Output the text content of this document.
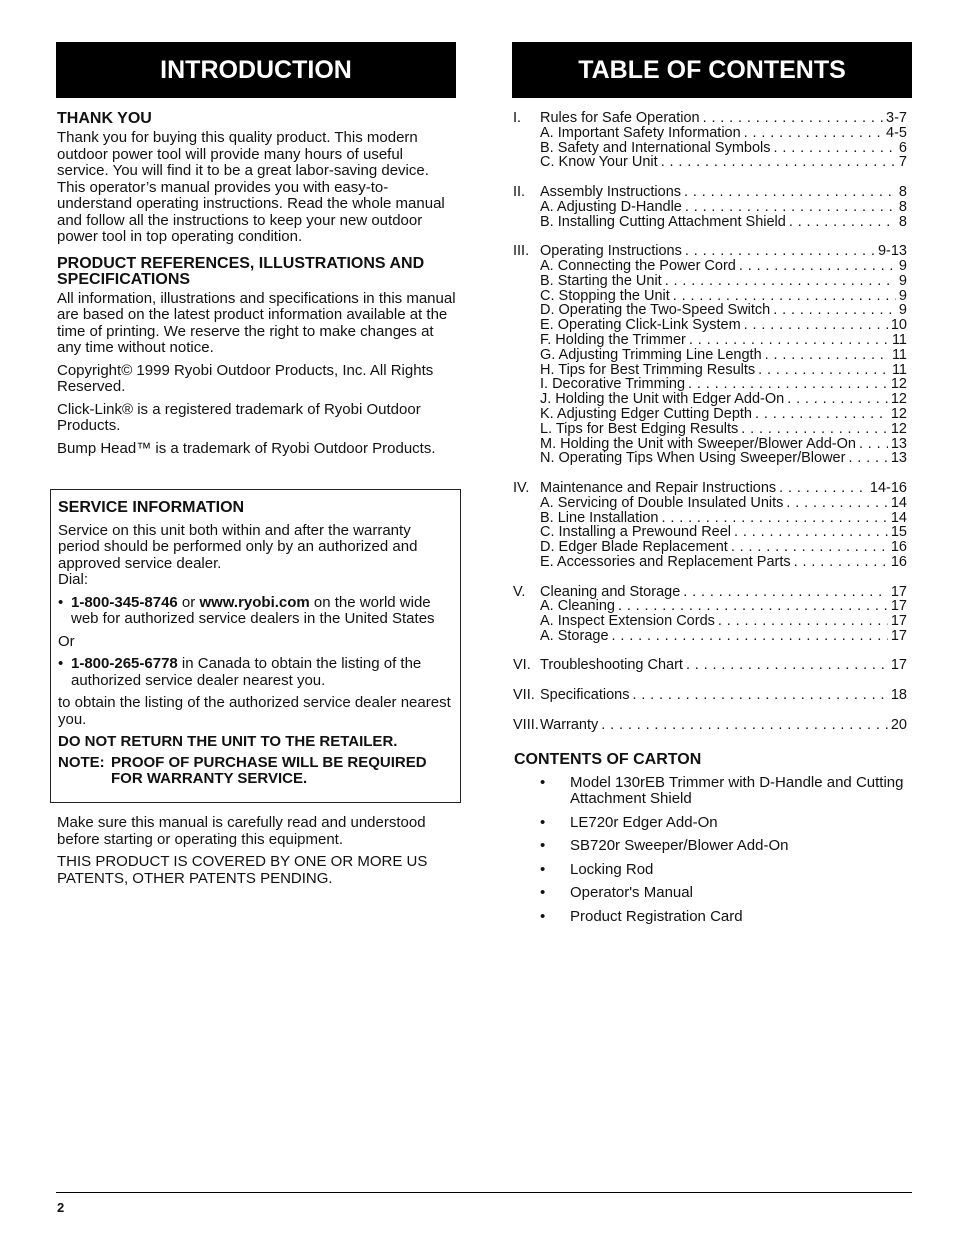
INTRODUCTION	TABLE OF CONTENTS
THANK YOU

Thank you for buying this quality product. This modern outdoor power tool will provide many hours of useful service. You will find it to be a great labor-saving device. This operator’s manual provides you with easy-to-understand operating instructions. Read the whole manual and follow all the instructions to keep your new outdoor power tool in top operating condition.

PRODUCT REFERENCES, ILLUSTRATIONS AND SPECIFICATIONS

All information, illustrations and specifications in this manual are based on the latest product information available at the time of printing. We reserve the right to make changes at any time without notice.

Copyright© 1999 Ryobi Outdoor Products, Inc. All Rights Reserved.

Click-Link® is a registered trademark of Ryobi Outdoor Products.

Bump Head™ is a trademark of Ryobi Outdoor Products.

SERVICE INFORMATION

Service on this unit both within and after the warranty period should be performed only by an authorized and approved service dealer.

Dial:

• 1-800-345-8746 or www.ryobi.com on the world wide web for authorized service dealers in the United States

Or

• 1-800-265-6778 in Canada to obtain the listing of the authorized service dealer nearest you.

to obtain the listing of the authorized service dealer nearest you.

DO NOT RETURN THE UNIT TO THE RETAILER.

NOTE: PROOF OF PURCHASE WILL BE REQUIRED FOR WARRANTY SERVICE.

Make sure this manual is carefully read and understood before starting or operating this equipment.

THIS PRODUCT IS COVERED BY ONE OR MORE US PATENTS, OTHER PATENTS PENDING.

I.	Rules for Safe Operation . . .	3-7
A. Important Safety Information . . .	4-5
B. Safety and International Symbols . . .	6
C. Know Your Unit . . .	7
II.	Assembly Instructions . . .	8
A. Adjusting D-Handle . . .	8
B. Installing Cutting Attachment Shield . . .	8
III. Operating Instructions . . .	9-13
A. Connecting the Power Cord . . .	9
B. Starting the Unit . . .	9
C. Stopping the Unit . . .	9
D. Operating the Two-Speed Switch . . .	9
E. Operating Click-Link System . . .	10
F. Holding the Trimmer . . .	11
G. Adjusting Trimming Line Length . . .	11
H. Tips for Best Trimming Results . . .	11
I. Decorative Trimming . . .	12
J. Holding the Unit with Edger Add-On . . .	12
K. Adjusting Edger Cutting Depth . . .	12
L. Tips for Best Edging Results . . .	12
M. Holding the Unit with Sweeper/Blower Add-On . . . 13
N. Operating Tips When Using Sweeper/Blower . . .	13
IV. Maintenance and Repair Instructions . . .	14-16
A. Servicing of Double Insulated Units . . .	14
B. Line Installation . . .	14
C. Installing a Prewound Reel . . .	15
D. Edger Blade Replacement . . .	16
E. Accessories and Replacement Parts . . .	16
V.	Cleaning and Storage . . .	17
A. Cleaning . . .	17
A. Inspect Extension Cords . . .	17
A. Storage . . .	17
VI. Troubleshooting Chart . . .	17
VII. Specifications . . .	18
VIII. Warranty . . .	20
CONTENTS OF CARTON
•	Model 130rEB Trimmer with D-Handle and Cutting Attachment Shield
•	LE720r Edger Add-On
•	SB720r Sweeper/Blower Add-On
•	Locking Rod
•	Operator's Manual
•	Product Registration Card
2
